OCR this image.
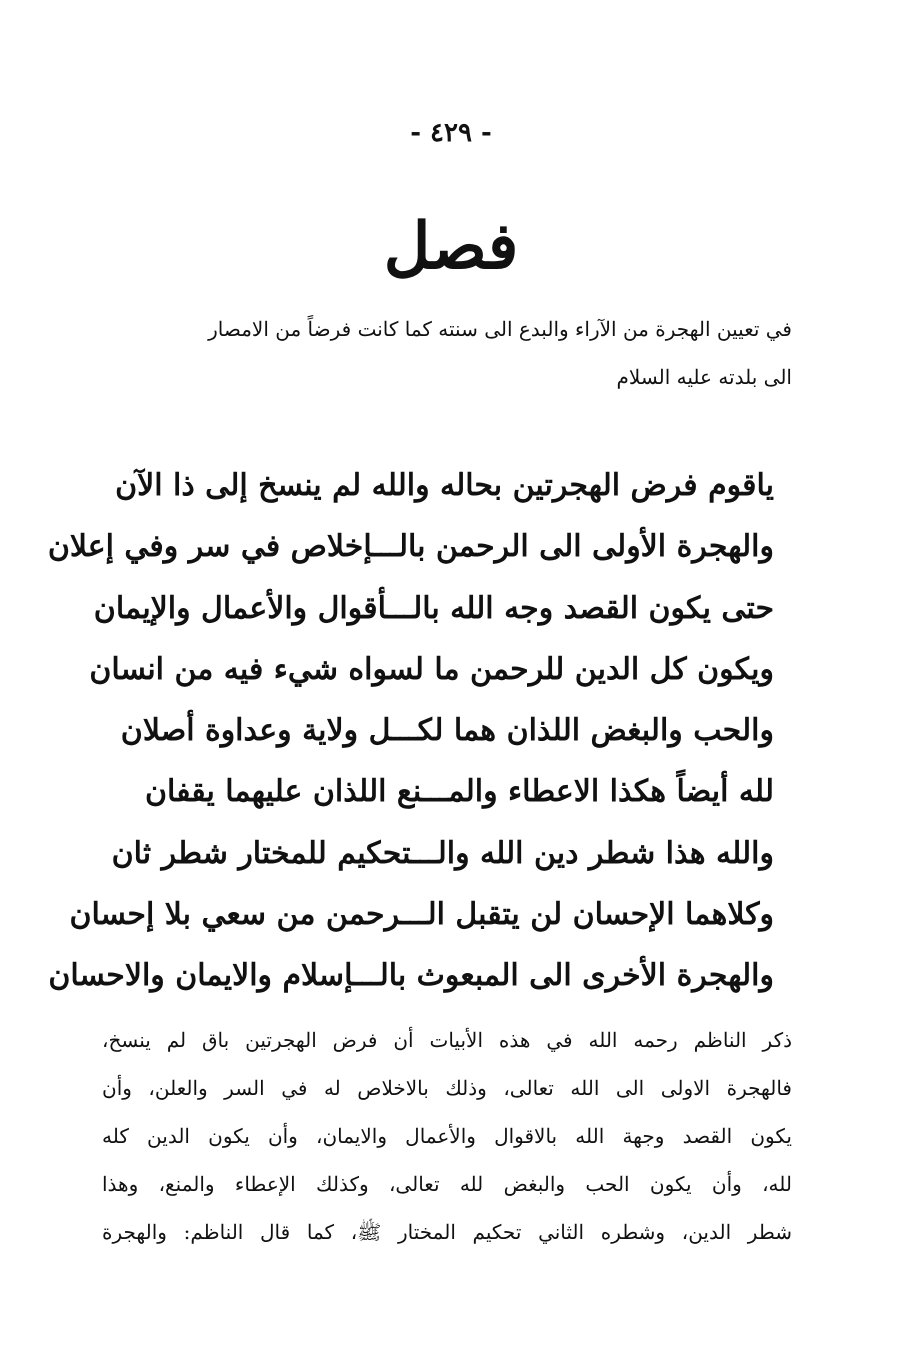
- ٤٢٩ -
فصل
في تعيين الهجرة من الآراء والبدع الى سنته كما كانت فرضاً من الامصار
الى بلدته عليه السلام
ياقوم فرض الهجرتين بحاله والله لم ينسخ إلى ذا الآن
والهجرة الأولى الى الرحمن بالـــإخلاص في سر وفي إعلان
حتى يكون القصد وجه الله بالـــأقوال والأعمال والإيمان
ويكون كل الدين للرحمن ما لسواه شيء فيه من انسان
والحب والبغض اللذان هما لكـــل ولاية وعداوة أصلان
لله أيضاً هكذا الاعطاء والمـــنع اللذان عليهما يقفان
والله هذا شطر دين الله والـــتحكيم للمختار شطر ثان
وكلاهما الإحسان لن يتقبل الـــرحمن من سعي بلا إحسان
والهجرة الأخرى الى المبعوث بالـــإسلام والايمان والاحسان
ذكر الناظم رحمه الله في هذه الأبيات أن فرض الهجرتين باق لم ينسخ،
فالهجرة الاولى الى الله تعالى، وذلك بالاخلاص له في السر والعلن، وأن
يكون القصد وجهة الله بالاقوال والأعمال والايمان، وأن يكون الدين كله
لله، وأن يكون الحب والبغض لله تعالى، وكذلك الإعطاء والمنع، وهذا
شطر الدين، وشطره الثاني تحكيم المختار ﷺ، كما قال الناظم: والهجرة
